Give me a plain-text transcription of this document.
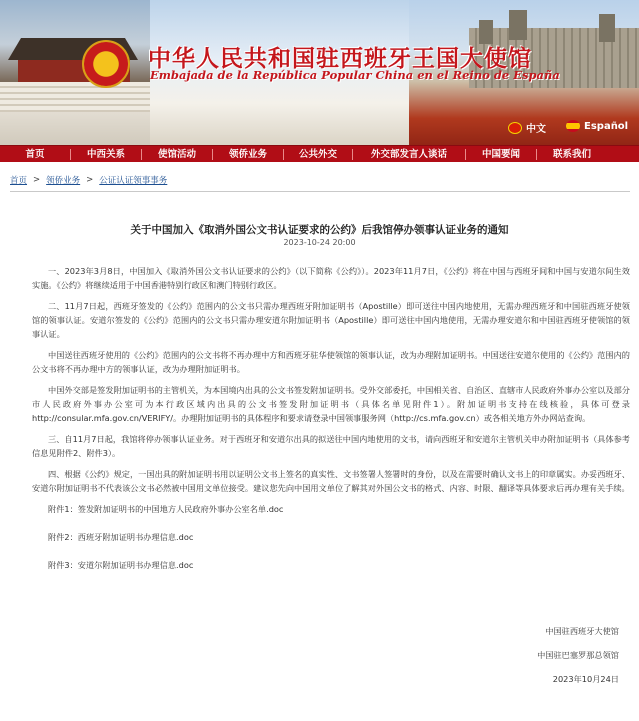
中华人民共和国驻西班牙王国大使馆
Embajada de la República Popular China en el Reino de España
中文	Español
首页	中西关系	使馆活动	领侨业务	公共外交	外交部发言人谈话	中国要闻	联系我们
首页 > 领侨业务 > 公证认证领事事务
关于中国加入《取消外国公文书认证要求的公约》后我馆停办领事认证业务的通知
2023-10-24 20:00

一、2023年3月8日，中国加入《取消外国公文书认证要求的公约》（以下简称《公约》）。2023年11月7日，《公约》将在中国与西班牙间和中国与安道尔间生效实施。《公约》将继续适用于中国香港特别行政区和澳门特别行政区。

二、11月7日起，西班牙签发的《公约》范围内的公文书只需办理西班牙附加证明书（Apostille）即可送往中国内地使用，无需办理西班牙和中国驻西班牙使领馆的领事认证。安道尔签发的《公约》范围内的公文书只需办理安道尔附加证明书（Apostille）即可送往中国内地使用，无需办理安道尔和中国驻西班牙使领馆的领事认证。

中国送往西班牙使用的《公约》范围内的公文书将不再办理中方和西班牙驻华使领馆的领事认证，改为办理附加证明书。中国送往安道尔使用的《公约》范围内的公文书将不再办理中方的领事认证，改为办理附加证明书。

中国外交部是签发附加证明书的主管机关，为本国境内出具的公文书签发附加证明书。受外交部委托，中国相关省、自治区、直辖市人民政府外事办公室以及部分市人民政府外事办公室可为本行政区域内出具的公文书签发附加证明书（具体名单见附件1）。附加证明书支持在线核验，具体可登录http://consular.mfa.gov.cn/VERIFY/。办理附加证明书的具体程序和要求请登录中国领事服务网（http://cs.mfa.gov.cn）或各相关地方外办网站查询。

三、自11月7日起，我馆将停办领事认证业务。对于西班牙和安道尔出具的拟送往中国内地使用的文书，请向西班牙和安道尔主管机关申办附加证明书（具体参考信息见附件2、附件3）。

四、根据《公约》规定，一国出具的附加证明书用以证明公文书上签名的真实性、文书签署人签署时的身份，以及在需要时确认文书上的印章属实。办妥西班牙、安道尔附加证明书不代表该公文书必然被中国用文单位接受。建议您先向中国用文单位了解其对外国公文书的格式、内容、时限、翻译等具体要求后再办理有关手续。

附件1：签发附加证明书的中国地方人民政府外事办公室名单.doc
附件2：西班牙附加证明书办理信息.doc
附件3：安道尔附加证明书办理信息.doc
中国驻西班牙大使馆
中国驻巴塞罗那总领馆
2023年10月24日
